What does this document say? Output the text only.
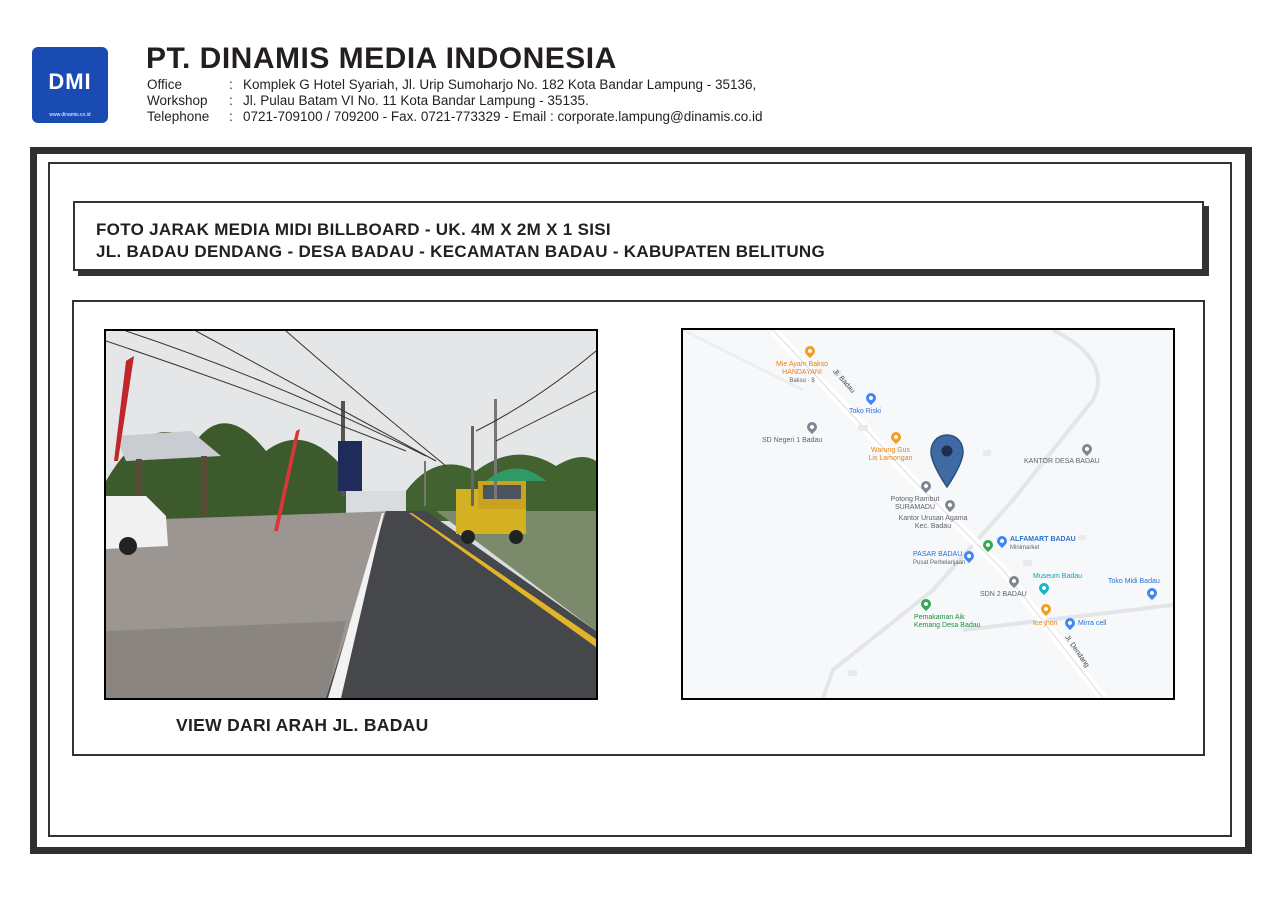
DMI
www.dinamis.co.id
PT. DINAMIS MEDIA INDONESIA
Office	: Komplek G Hotel Syariah, Jl. Urip Sumoharjo No. 182 Kota Bandar Lampung - 35136,
Workshop	: Jl. Pulau Batam VI No. 11 Kota Bandar Lampung - 35135.
Telephone	: 0721-709100 / 709200 - Fax. 0721-773329 - Email : corporate.lampung@dinamis.co.id
FOTO JARAK MEDIA MIDI BILLBOARD - UK. 4M X 2M X 1 SISI
JL. BADAU DENDANG - DESA BADAU - KECAMATAN BADAU - KABUPATEN BELITUNG
VIEW DARI ARAH JL. BADAU
Jl. Badau
Jl. Dendang
Mie Ayam Bakso HANDAYANI
Bakso · $
Toko Riski
SD Negeri 1 Badau
Warung Gus Lis Lamongan	KANTOR DESA BADAU
Potong Rambut SURAMADU
Kantor Urusan Agama Kec. Badau
ALFAMART BADAU
Minimarket
PASAR BADAU
Pusat Perbelanjaan
Museum Badau
SDN 2 BADAU
Toko Midi Badau
Pemakaman Aik Kemang Desa Badau	Ice jhon	Mirra cell
